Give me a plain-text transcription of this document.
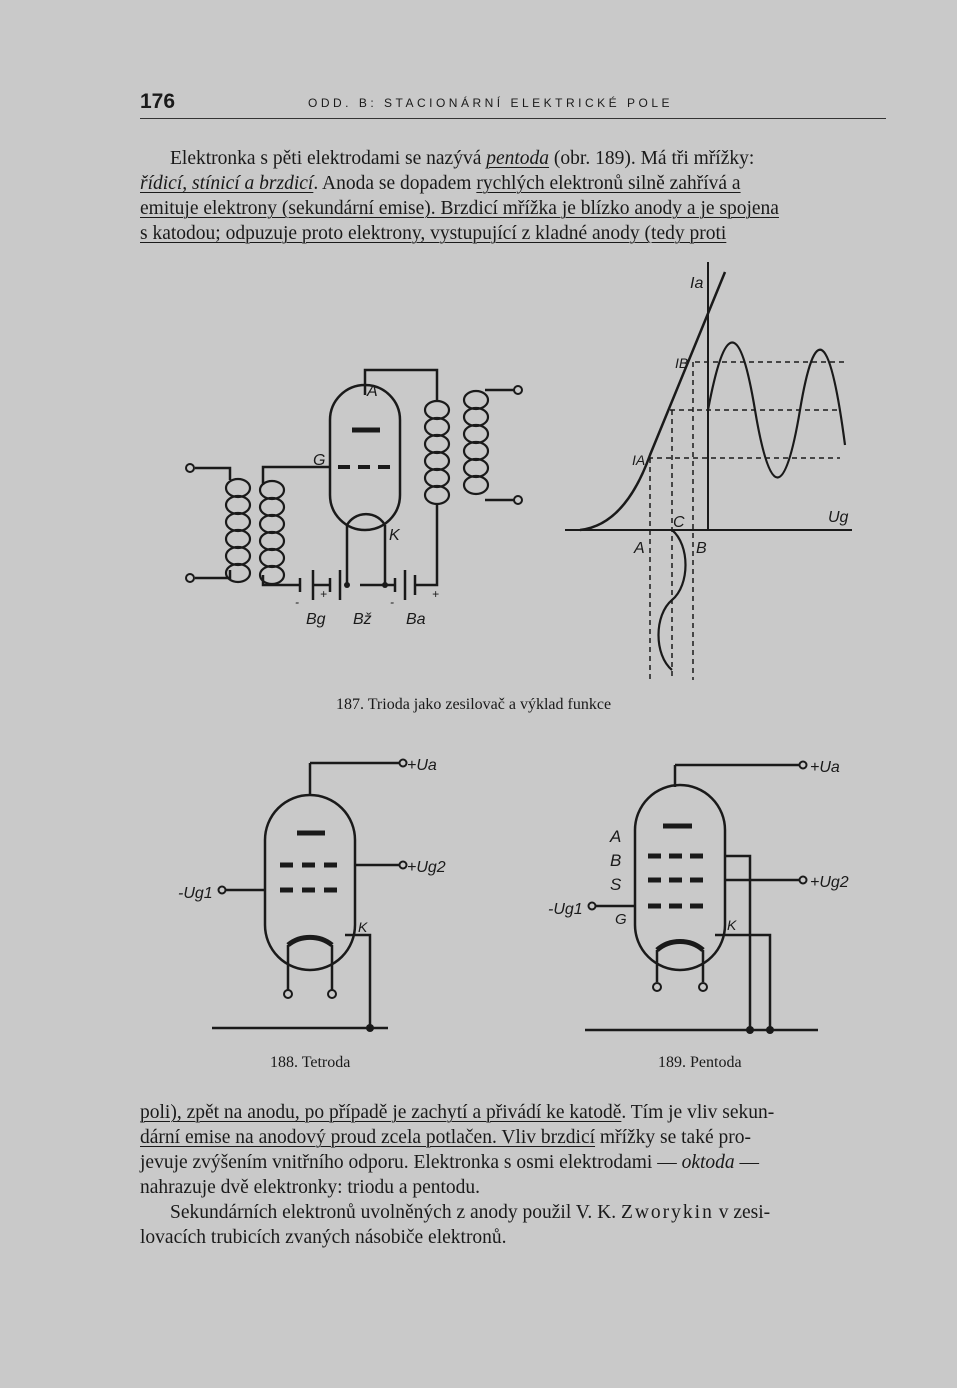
176	ODD. B: STACIONÁRNÍ ELEKTRICKÉ POLE

Elektronka s pěti elektrodami se nazývá pentoda (obr. 189). Má tři mřížky:

řídicí, stínicí a brzdicí. Anoda se dopadem rychlých elektronů silně zahřívá a

emituje elektrony (sekundární emise). Brzdicí mřížka je blízko anody a je spojena

s katodou; odpuzuje proto elektrony, vystupující z kladné anody (tedy proti

A
G
K
+	+
-	-
Bg Bž Ba
Ia
IB
IA
Ug
A	B
C
187. Trioda jako zesilovač a výklad funkce
+Ua
+Ug2
-Ug1
K
188. Tetroda
+Ua
+Ug2
-Ug1
A
B
S
G	K
189. Pentoda

poli), zpět na anodu, po případě je zachytí a přivádí ke katodě. Tím je vliv sekun-

dární emise na anodový proud zcela potlačen. Vliv brzdicí mřížky se také pro-

jevuje zvýšením vnitřního odporu. Elektronka s osmi elektrodami — oktoda —

nahrazuje dvě elektronky: triodu a pentodu.

Sekundárních elektronů uvolněných z anody použil V. K. Zworykin v zesi-

lovacích trubicích zvaných násobiče elektronů.
